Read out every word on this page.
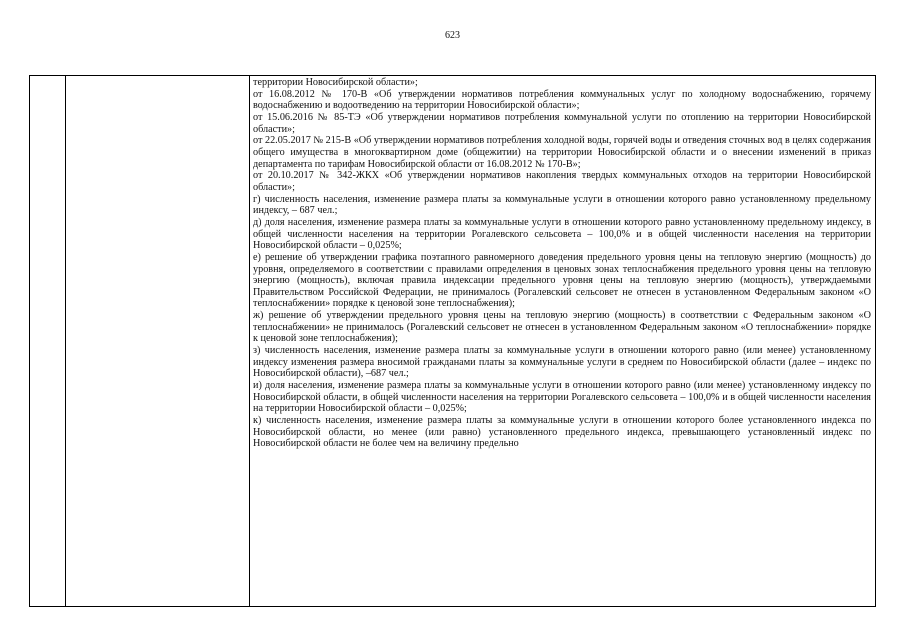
623

территории Новосибирской области»;

от 16.08.2012 № 170-В «Об утверждении нормативов потребления коммунальных услуг по холодному водоснабжению, горячему водоснабжению и водоотведению на территории Новосибирской области»;

от 15.06.2016 № 85-ТЭ «Об утверждении нормативов потребления коммунальной услуги по отоплению на территории Новосибирской области»;

от 22.05.2017 № 215-В «Об утверждении нормативов потребления холодной воды, горячей воды и отведения сточных вод в целях содержания общего имущества в многоквартирном доме (общежитии) на территории Новосибирской области и о внесении изменений в приказ департамента по тарифам Новосибирской области от 16.08.2012 № 170-В»;

от 20.10.2017 № 342-ЖКХ «Об утверждении нормативов накопления твердых коммунальных отходов на территории Новосибирской области»;

г) численность населения, изменение размера платы за коммунальные услуги в отношении которого равно установленному предельному индексу, – 687 чел.;

д) доля населения, изменение размера платы за коммунальные услуги в отношении которого равно установленному предельному индексу, в общей численности населения на территории Рогалевского сельсовета – 100,0% и в общей численности населения на территории Новосибирской области – 0,025%;

е) решение об утверждении графика поэтапного равномерного доведения предельного уровня цены на тепловую энергию (мощность) до уровня, определяемого в соответствии с правилами определения в ценовых зонах теплоснабжения предельного уровня цены на тепловую энергию (мощность), включая правила индексации предельного уровня цены на тепловую энергию (мощность), утверждаемыми Правительством Российской Федерации, не принималось (Рогалевский сельсовет не отнесен в установленном Федеральным законом «О теплоснабжении» порядке к ценовой зоне теплоснабжения);

ж) решение об утверждении предельного уровня цены на тепловую энергию (мощность) в соответствии с Федеральным законом «О теплоснабжении» не принималось (Рогалевский сельсовет не отнесен в установленном Федеральным законом «О теплоснабжении» порядке к ценовой зоне теплоснабжения);

з) численность населения, изменение размера платы за коммунальные услуги в отношении которого равно (или менее) установленному индексу изменения размера вносимой гражданами платы за коммунальные услуги в среднем по Новосибирской области (далее – индекс по Новосибирской области), –687 чел.;

и) доля населения, изменение размера платы за коммунальные услуги в отношении которого равно (или менее) установленному индексу по Новосибирской области, в общей численности населения на территории Рогалевского сельсовета – 100,0% и в общей численности населения на территории Новосибирской области – 0,025%;

к) численность населения, изменение размера платы за коммунальные услуги в отношении которого более установленного индекса по Новосибирской области, но менее (или равно) установленного предельного индекса, превышающего установленный индекс по Новосибирской области не более чем на величину предельно
